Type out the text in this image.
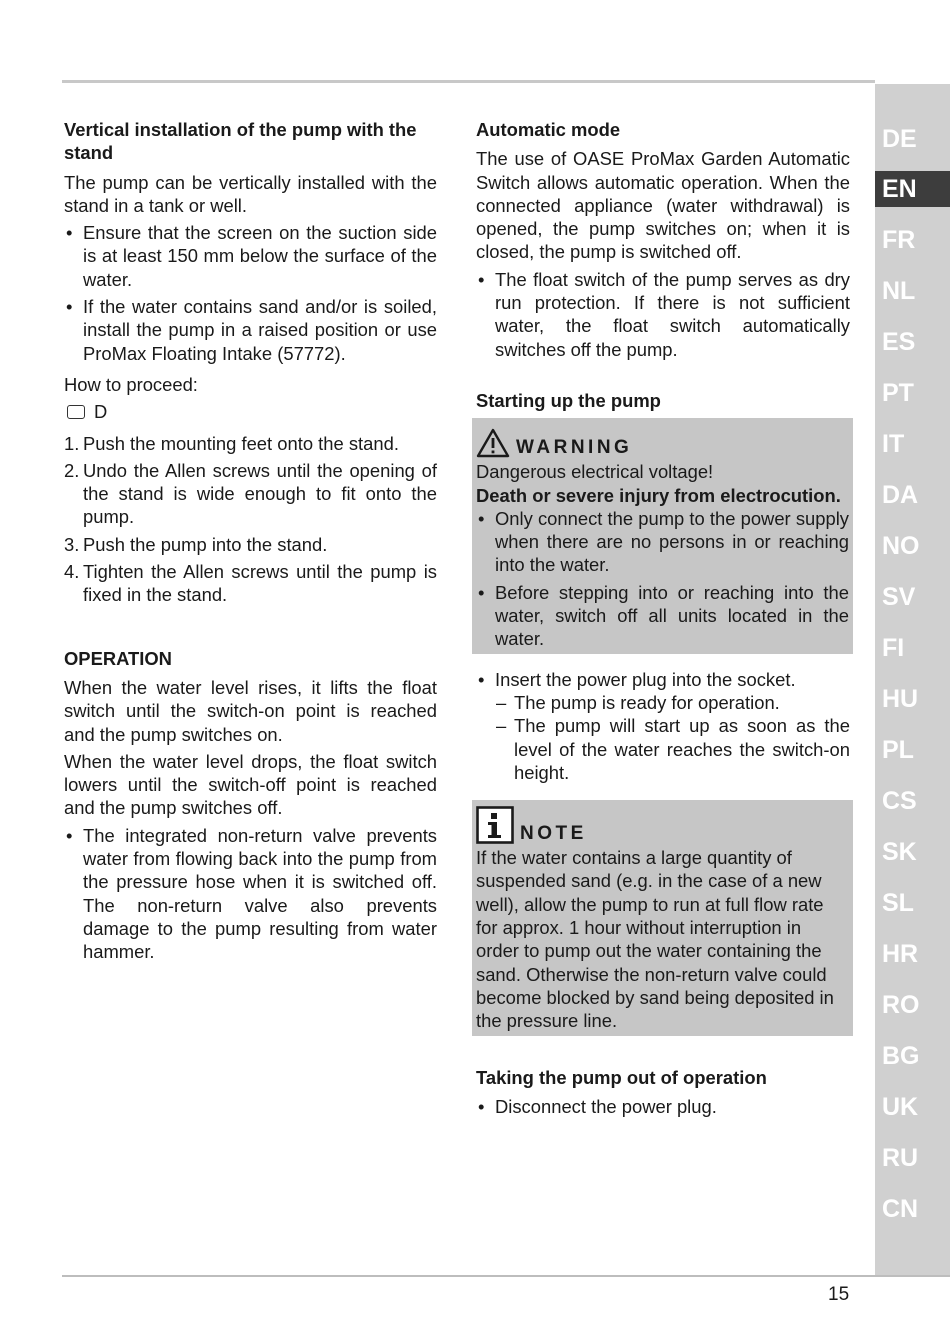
DE
EN
FR
NL
ES
PT
IT
DA
NO
SV
FI
HU
PL
CS
SK
SL
HR
RO
BG
UK
RU
CN
Vertical installation of the pump with the stand
The pump can be vertically installed with the stand in a tank or well.
• Ensure that the screen on the suction side is at least 150 mm below the surface of the water.
• If the water contains sand and/or is soiled, install the pump in a raised position or use ProMax Floating Intake (57772).
How to proceed:
D
1. Push the mounting feet onto the stand.
2. Undo the Allen screws until the opening of the stand is wide enough to fit onto the pump.
3. Push the pump into the stand.
4. Tighten the Allen screws until the pump is fixed in the stand.
OPERATION
When the water level rises, it lifts the float switch until the switch-on point is reached and the pump switches on.
When the water level drops, the float switch lowers until the switch-off point is reached and the pump switches off.
• The integrated non-return valve prevents water from flowing back into the pump from the pressure hose when it is switched off. The non-return valve also prevents damage to the pump resulting from water hammer.
Automatic mode
The use of OASE ProMax Garden Automatic Switch allows automatic operation. When the connected appliance (water withdrawal) is opened, the pump switches on; when it is closed, the pump is switched off.
• The float switch of the pump serves as dry run protection. If there is not sufficient water, the float switch automatically switches off the pump.
Starting up the pump
WARNING
Dangerous electrical voltage!
Death or severe injury from electrocution.
• Only connect the pump to the power supply when there are no persons in or reaching into the water.
• Before stepping into or reaching into the water, switch off all units located in the water.
• Insert the power plug into the socket.
– The pump is ready for operation.
– The pump will start up as soon as the level of the water reaches the switch-on height.
NOTE
If the water contains a large quantity of suspended sand (e.g. in the case of a new well), allow the pump to run at full flow rate for approx. 1 hour without interruption in order to pump out the water containing the sand. Otherwise the non-return valve could become blocked by sand being deposited in the pressure line.
Taking the pump out of operation
• Disconnect the power plug.
15
